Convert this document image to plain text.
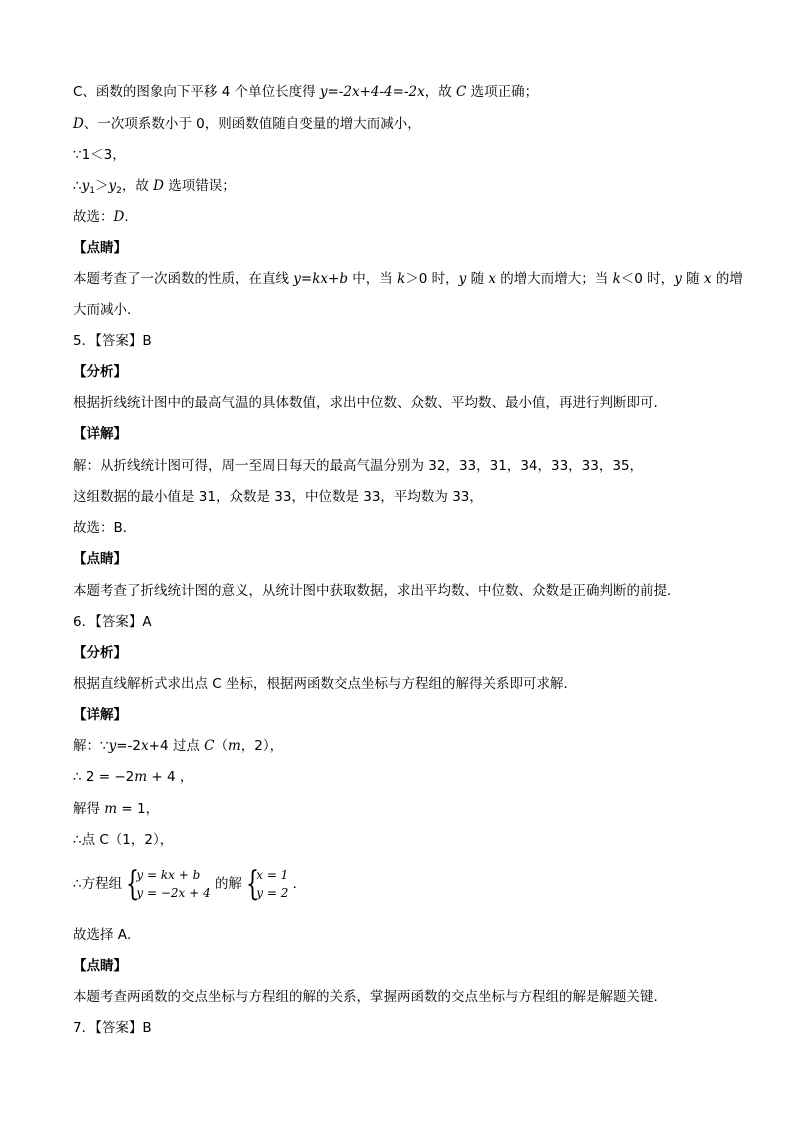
C、函数的图象向下平移 4 个单位长度得 y=-2x+4-4=-2x，故 C 选项正确；
D、一次项系数小于 0，则函数值随自变量的增大而减小，
∵1＜3，
$\therefore y_1>y_2$，故 D 选项错误；
故选：D.
【点睛】
本题考查了一次函数的性质，在直线 y=kx+b 中，当 k＞0 时，y 随 x 的增大而增大；当 k＜0 时，y 随 x 的增
大而减小．
5．【答案】B
【分析】
根据折线统计图中的最高气温的具体数值，求出中位数、众数、平均数、最小值，再进行判断即可．
【详解】
解：从折线统计图可得，周一至周日每天的最高气温分别为 32，33，31，34，33，33，35，
这组数据的最小值是 31，众数是 33，中位数是 33，平均数为 33，
故选：B．
【点睛】
本题考查了折线统计图的意义，从统计图中获取数据，求出平均数、中位数、众数是正确判断的前提．
6．【答案】A
【分析】
根据直线解析式求出点 C 坐标，根据两函数交点坐标与方程组的解得关系即可求解．
【详解】
解：∵y=-2x+4 过点 C（m，2），
∴ 2 = −2m + 4 ，
解得 m = 1，
∴点 C（1，2），
∴方程组 {
y = kx + b
y = −2x + 4
的解 {
x = 1
y = 2
．
故选择 A．
【点睛】
本题考查两函数的交点坐标与方程组的解的关系，掌握两函数的交点坐标与方程组的解是解题关键．
7．【答案】B
